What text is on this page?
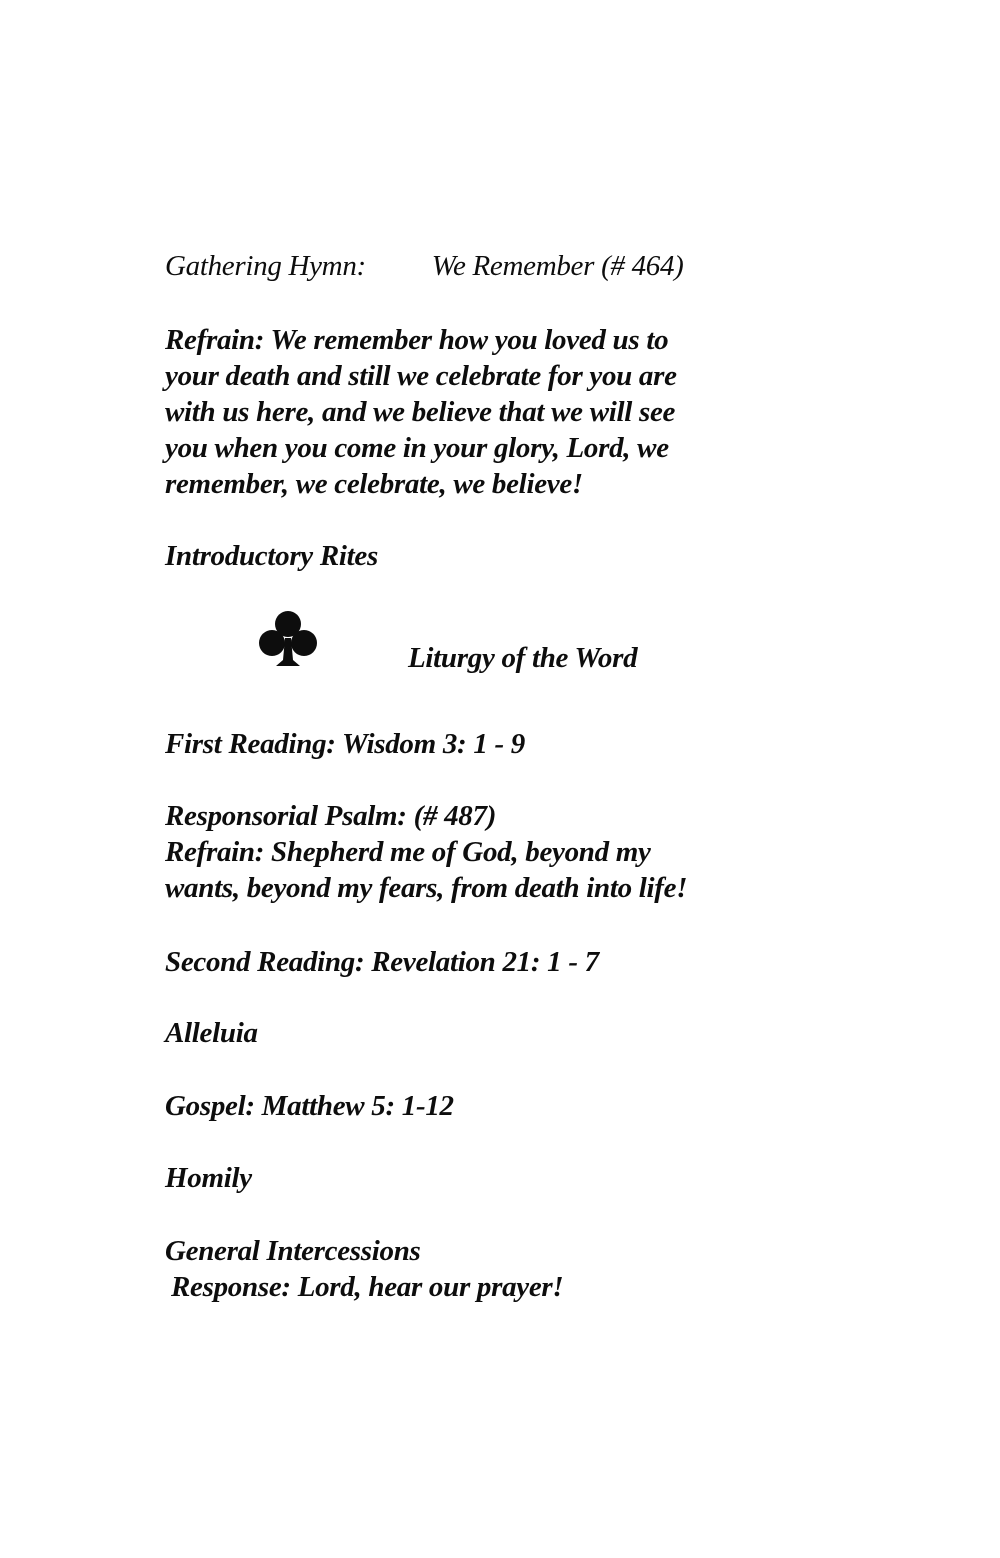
Gathering Hymn: We Remember (# 464)
Refrain: We remember how you loved us to
your death and still we celebrate for you are
with us here, and we believe that we will see
you when you come in your glory, Lord, we
remember, we celebrate, we believe!
Introductory Rites
Liturgy of the Word
First Reading: Wisdom 3: 1 - 9
Responsorial Psalm: (# 487)
Refrain: Shepherd me of God, beyond my
wants, beyond my fears, from death into life!
Second Reading: Revelation 21: 1 - 7
Alleluia
Gospel: Matthew 5: 1-12
Homily
General Intercessions
Response: Lord, hear our prayer!
